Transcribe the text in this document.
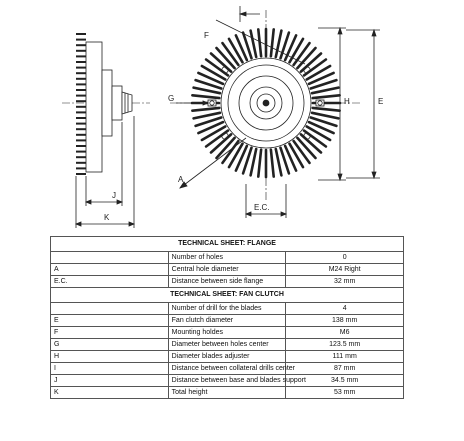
J
K
F
G
A
H	E
E.C.
TECHNICAL SHEET: FLANGE		
	Number of holes	0
A	Central hole diameter	M24 Right
E.C.	Distance between side flange	32 mm
TECHNICAL SHEET: FAN CLUTCH		
	Number of drill for the blades	4
E	Fan clutch diameter	138 mm
F	Mounting holdes	M6
G	Diameter between holes center	123.5 mm
H	Diameter blades adjuster	111 mm
I	Distance between collateral drills center	87 mm
J	Distance between base and blades support	34.5 mm
K	Total height	53 mm
